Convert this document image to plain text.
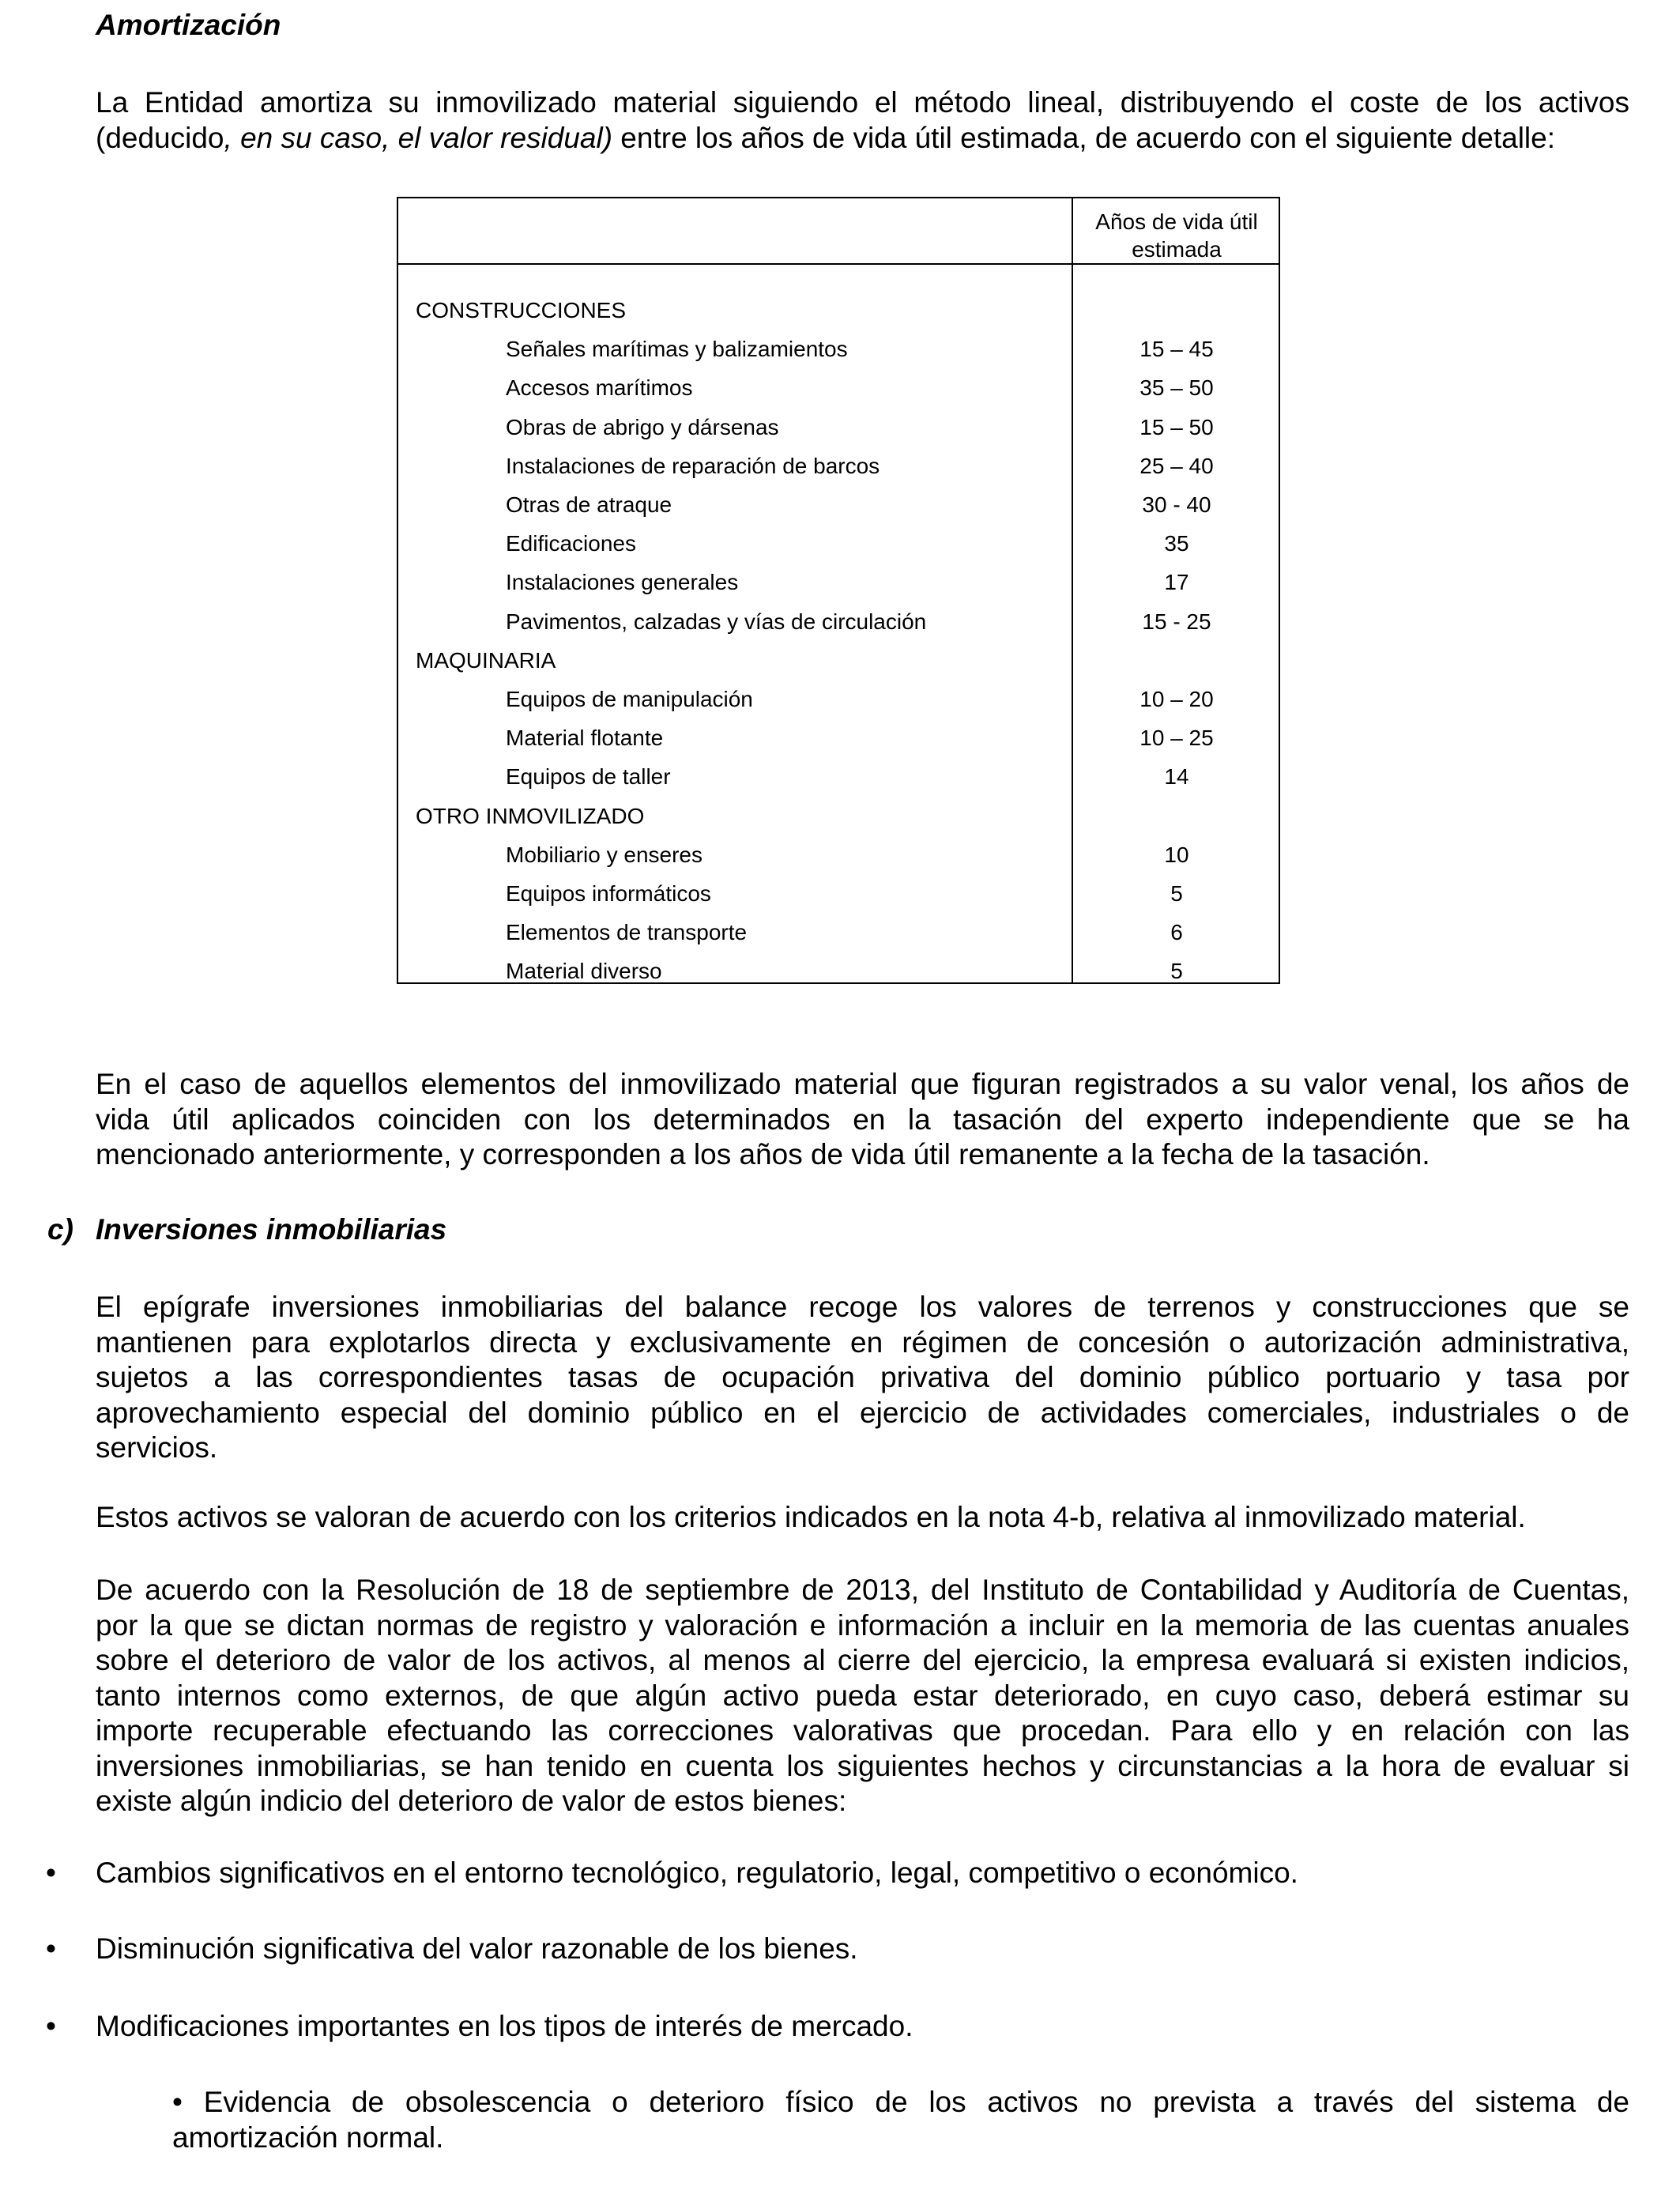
Amortización
La Entidad amortiza su inmovilizado material siguiendo el método lineal, distribuyendo el coste de los activos
(deducido, en su caso, el valor residual) entre los años de vida útil estimada, de acuerdo con el siguiente detalle:
Años de vida útil estimada
CONSTRUCCIONES
Señales marítimas y balizamientos	15 – 45
Accesos marítimos	35 – 50
Obras de abrigo y dársenas	15 – 50
Instalaciones de reparación de barcos	25 – 40
Otras de atraque	30 - 40
Edificaciones	35
Instalaciones generales	17
Pavimentos, calzadas y vías de circulación	15 - 25
MAQUINARIA
Equipos de manipulación	10 – 20
Material flotante	10 – 25
Equipos de taller	14
OTRO INMOVILIZADO
Mobiliario y enseres	10
Equipos informáticos	5
Elementos de transporte	6
Material diverso	5
En el caso de aquellos elementos del inmovilizado material que figuran registrados a su valor venal, los años de
vida útil aplicados coinciden con los determinados en la tasación del experto independiente que se ha
mencionado anteriormente, y corresponden a los años de vida útil remanente a la fecha de la tasación.
c) Inversiones inmobiliarias
El epígrafe inversiones inmobiliarias del balance recoge los valores de terrenos y construcciones que se
mantienen para explotarlos directa y exclusivamente en régimen de concesión o autorización administrativa,
sujetos a las correspondientes tasas de ocupación privativa del dominio público portuario y tasa por
aprovechamiento especial del dominio público en el ejercicio de actividades comerciales, industriales o de
servicios.
Estos activos se valoran de acuerdo con los criterios indicados en la nota 4-b, relativa al inmovilizado material.
De acuerdo con la Resolución de 18 de septiembre de 2013, del Instituto de Contabilidad y Auditoría de Cuentas,
por la que se dictan normas de registro y valoración e información a incluir en la memoria de las cuentas anuales
sobre el deterioro de valor de los activos, al menos al cierre del ejercicio, la empresa evaluará si existen indicios,
tanto internos como externos, de que algún activo pueda estar deteriorado, en cuyo caso, deberá estimar su
importe recuperable efectuando las correcciones valorativas que procedan. Para ello y en relación con las
inversiones inmobiliarias, se han tenido en cuenta los siguientes hechos y circunstancias a la hora de evaluar si
existe algún indicio del deterioro de valor de estos bienes:
• Cambios significativos en el entorno tecnológico, regulatorio, legal, competitivo o económico.
• Disminución significativa del valor razonable de los bienes.
• Modificaciones importantes en los tipos de interés de mercado.
• Evidencia de obsolescencia o deterioro físico de los activos no prevista a través del sistema de
amortización normal.
